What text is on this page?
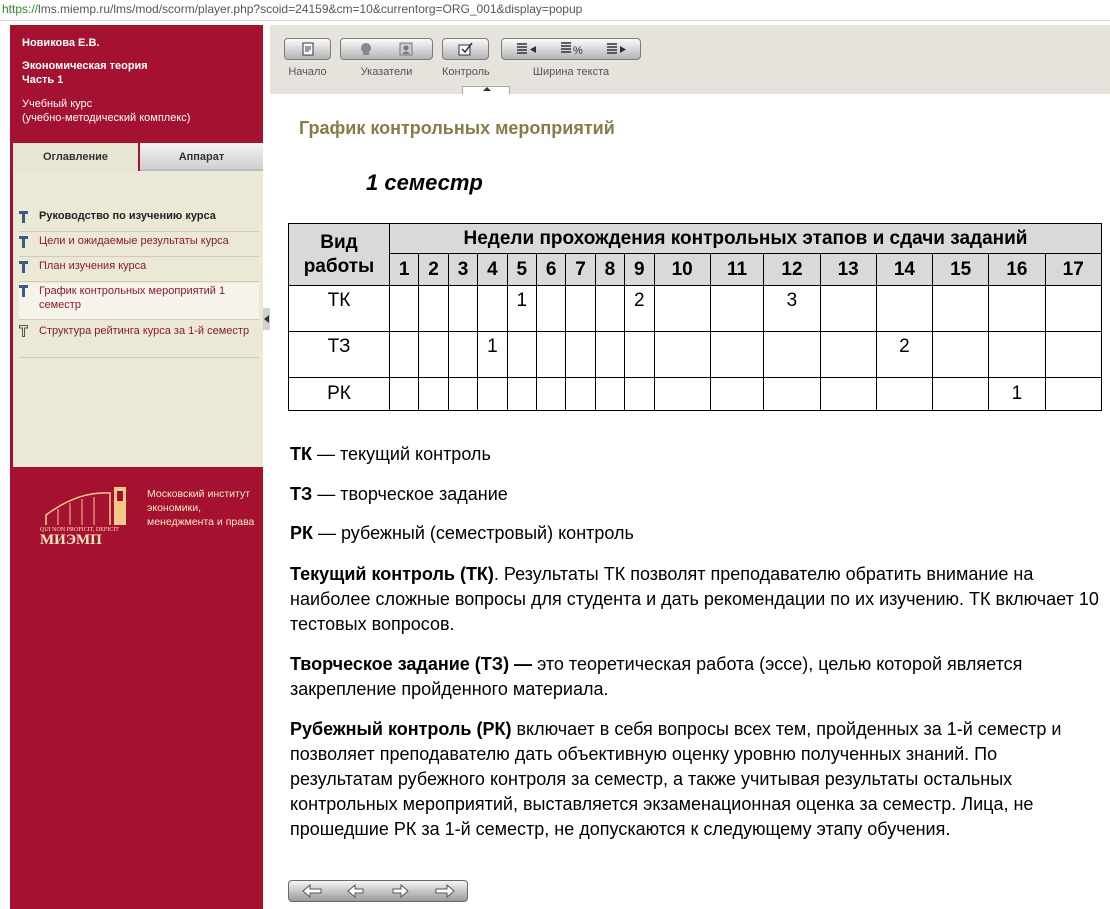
https://lms.miemp.ru/lms/mod/scorm/player.php?scoid=24159&cm=10&currentorg=ORG_001&display=popup
Новикова Е.В.
Экономическая теория
Часть 1
Учебный курс
(учебно-методический комплекс)
Оглавление	Аппарат
Руководство по изучению курса
Цели и ожидаемые результаты курса
План изучения курса
График контрольных мероприятий 1 семестр
Структура рейтинга курса за 1-й семестр
QUI NON PROFICIT, DEFICIT
МИЭМП
Московский институт экономики, менеджмента и права
Начало	Указатели	Контроль
%
Ширина текста
График контрольных мероприятий
1 семестр
Вид работы	Недели прохождения контрольных этапов и сдачи заданий																
	1	2	3	4	5	6	7	8	9	10	11	12	13	14	15	16	17
ТК					1				2			3					
ТЗ				1										2			
РК																1	
ТК — текущий контроль
ТЗ — творческое задание
РК — рубежный (семестровый) контроль
Текущий контроль (ТК). Результаты ТК позволят преподавателю обратить внимание на наиболее сложные вопросы для студента и дать рекомендации по их изучению. ТК включает 10 тестовых вопросов.
Творческое задание (ТЗ) — это теоретическая работа (эссе), целью которой является закрепление пройденного материала.
Рубежный контроль (РК) включает в себя вопросы всех тем, пройденных за 1-й семестр и позволяет преподавателю дать объективную оценку уровню полученных знаний. По результатам рубежного контроля за семестр, а также учитывая результаты остальных контрольных мероприятий, выставляется экзаменационная оценка за семестр. Лица, не прошедшие РК за 1-й семестр, не допускаются к следующему этапу обучения.
